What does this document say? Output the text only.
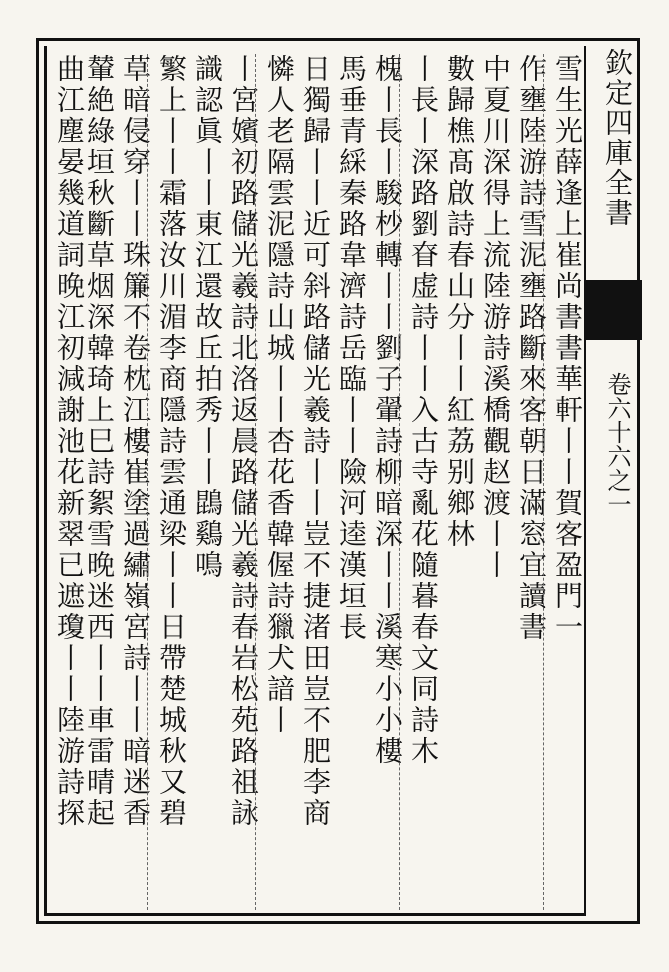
欽定四庫全書
卷六十六之一
雪生光薛逢上崔尚書書華軒丨丨賀客盈門一
作壅陸游詩雪泥壅路斷來客朝日滿窓宜讀書
中夏川深得上流陸游詩溪橋觀赵渡丨丨
數歸樵髙啟詩春山分丨丨紅荔别鄉林
丨長丨深路劉眘虚詩丨丨入古寺亂花隨暮春文同詩木
槐丨長丨駿杪轉丨丨劉子翬詩柳暗深丨丨溪寒小小樓
馬垂青綵秦路韋濟詩岳臨丨丨險河逵漢垣長
日獨歸丨丨近可斜路儲光羲詩丨丨豈不捷渚田豈不肥李商
憐人老隔雲泥隱詩山城丨丨杏花香韓偓詩獵犬諳丨
丨宮嬪初路儲光羲詩北洛返晨路儲光羲詩春岩松苑路祖詠
識認眞丨丨東江還故丘拍秀丨丨鵾鷄鳴
繁上丨丨霜落汝川湄李商隱詩雲通梁丨丨日帶楚城秋又碧
草暗侵穿丨丨珠簾不卷枕江樓崔塗過繡嶺宮詩丨丨暗迷香
輦絶綠垣秋斷草烟深韓琦上巳詩絮雪晚迷西丨丨車雷晴起
曲江塵晏幾道詞晚江初減謝池花新翠已遮瓊丨丨陸游詩探
